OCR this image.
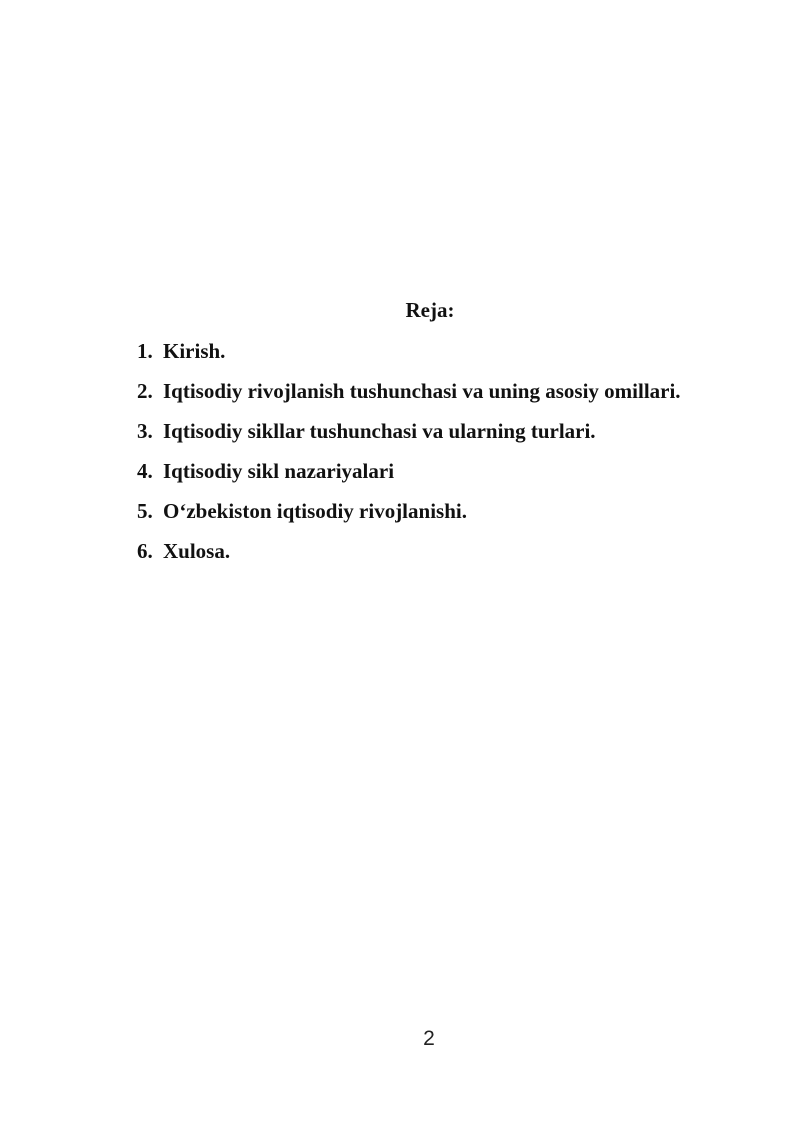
Reja:
1. Kirish.
2. Iqtisodiy rivojlanish tushunchasi va uning asosiy omillari.
3. Iqtisodiy sikllar tushunchasi va ularning turlari.
4. Iqtisodiy sikl nazariyalari
5. O‘zbekiston iqtisodiy rivojlanishi.
6. Xulosa.
2
